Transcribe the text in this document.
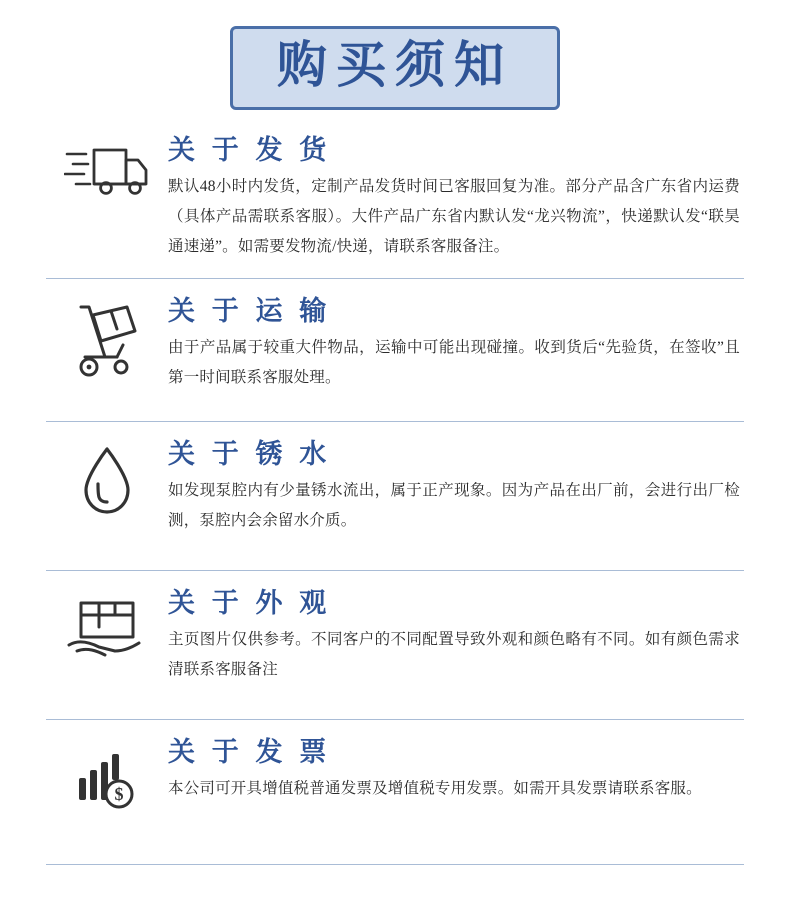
购买须知
关 于 发 货
默认48小时内发货，定制产品发货时间已客服回复为准。部分产品含广东省内运费（具体产品需联系客服）。大件产品广东省内默认发“龙兴物流”，快递默认发“联昊通速递”。如需要发物流/快递，请联系客服备注。
关 于 运 输
由于产品属于较重大件物品，运输中可能出现碰撞。收到货后“先验货，在签收”且第一时间联系客服处理。
关 于 锈 水
如发现泵腔内有少量锈水流出，属于正产现象。因为产品在出厂前，会进行出厂检测，泵腔内会余留水介质。
关 于 外 观
主页图片仅供参考。不同客户的不同配置导致外观和颜色略有不同。如有颜色需求清联系客服备注
$
关 于 发 票
本公司可开具增值税普通发票及增值税专用发票。如需开具发票请联系客服。
